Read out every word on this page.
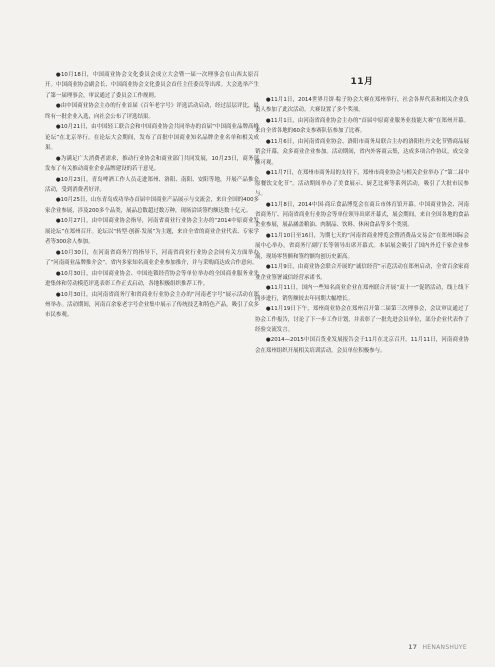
●10月18日，中国商业协会文化委员会成立大会暨一届一次理事会在山西太原召开。中国商业协会副会长、中国商业协会文化委员会首任主任委员等出席。大会选举产生了第一届理事会，审议通过了委员会工作规则。

●由中国商业协会主办的行业首届《百年老字号》评选活动启动，经过层层评比，最终有一批企业入选，向社会公布了评选结果。

●10月21日，由中国轻工联合会和中国商业协会共同举办的首届“中国商业品牌高峰论坛”在北京举行。在论坛大会期间，发布了首批中国商业知名品牌企业名单和相关成果。

●为满足广大消费者需求，推动行业协会和商业部门共同发展，10月23日，商务部发布了有关推动商业企业品牌建设的若干意见。

●10月23日，青岛啤酒工作人员走进郑州、洛阳、南阳、安阳等地，开展产品推介活动，受到消费者好评。

●10月25日，山东青岛成功举办首届中国商业产品展示与交流会，来自全国的400多家企业参展，涉及200多个品类，展品总数超过数万种，现场洽谈签约额达数十亿元。

●10月27日，由中国商业协会指导，河南省商业行业协会主办的“2014中原商业发展论坛”在郑州召开。论坛以“转型·创新·发展”为主题，来自全省的商业企业代表、专家学者等300余人参加。

●10月30日，在河南省商务厅的指导下，河南省商业行业协会会同有关方面举办了“河南商业品牌推介会”。省内多家知名商业企业参加推介，并与采购商达成合作意向。

●10月30日，由中国商业协会、中国连锁经营协会等单位举办的全国商业服务业先进集体和劳动模范评选表彰工作正式启动，各地积极组织推荐工作。

●10月30日，由河南省商务厅和省商业行业协会主办的“河南老字号”展示活动在郑州举办。活动期间，河南百余家老字号企业集中展示了传统技艺和特色产品，吸引了众多市民参观。

11月

●11月1日，2014世界月饼·粽子协会大赛在郑州举行，社会各界代表和相关企业负责人参加了此次活动。大赛设置了多个奖项。

●11月1日，由河南省商业协会主办的“首届中原商业服务业技能大赛”在郑州开幕。来自全省各地的60余支参赛队伍参加了比赛。

●11月6日，由河南省商业协会、洛阳市商务局联合主办的洛阳牡丹文化节暨商品展销会开幕，众多商业企业参加。活动期间，省内外客商云集，达成多项合作协议，成交金额可观。

●11月7日，在郑州市商务局的支持下，郑州市商业协会与相关企业举办了“第二届中原餐饮文化节”。活动期间举办了美食展示、厨艺比赛等系列活动，吸引了大批市民参与。

●11月8日，2014中国·商丘食品博览会在商丘市体育馆开幕。中国商业协会、河南省商务厅、河南省商业行业协会等单位领导出席开幕式，展会期间，来自全国各地的食品企业参展，展品涵盖粮油、肉制品、饮料、休闲食品等多个类别。

●11月10日至16日，为期七天的“河南省商业博览会暨消费品交易会”在郑州国际会展中心举办，省商务厅副厅长等领导出席开幕式。本届展会吸引了国内外近千家企业参展，现场零售额和签约额均创历史新高。

●11月9日，由商业协会联合开展的“诚信经营”示范活动在郑州启动，全省百余家商业企业签署诚信经营承诺书。

●11月11日，国内一些知名商业企业在郑州联合开展“双十一”促销活动，线上线下同步进行，销售额较去年同期大幅增长。

●11月19日下午，郑州商业协会在郑州召开第二届第三次理事会，会议审议通过了协会工作报告，讨论了下一步工作计划，并表彰了一批先进会员单位，部分企业代表作了经验交流发言。

●2014—2015中国百货业发展报告会于11月在北京召开。11月11日，河南商业协会在郑州组织开展相关培训活动，会员单位积极参与。

17 HENANSHUYE
